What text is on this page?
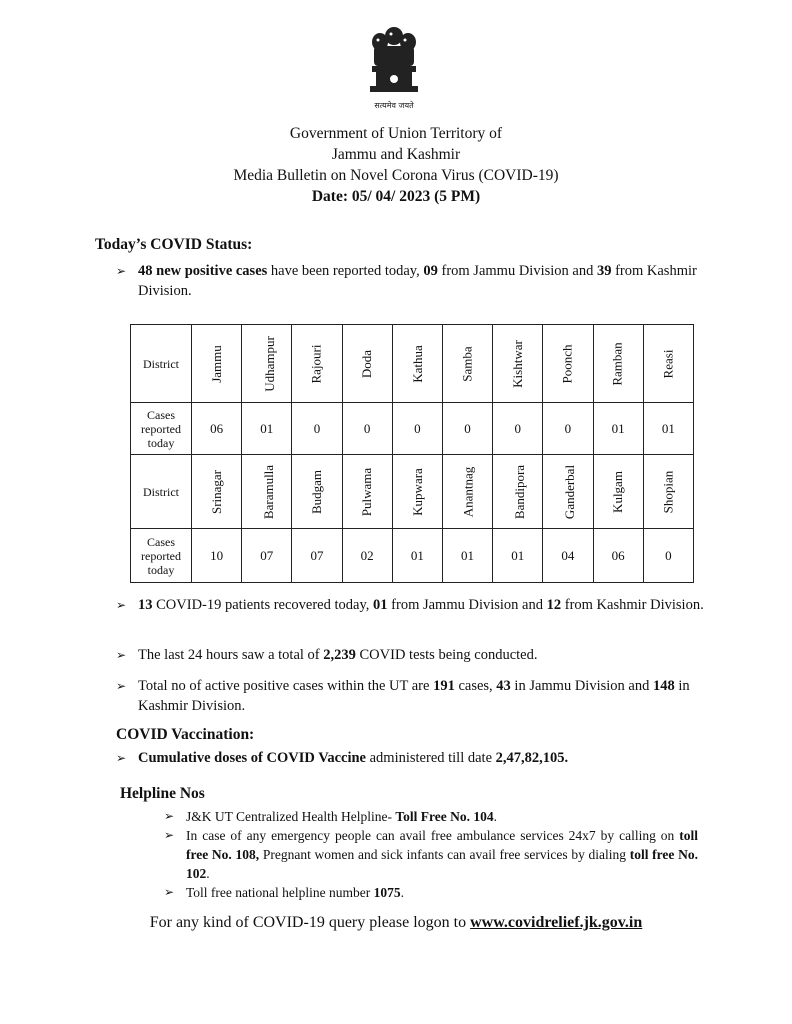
सत्यमेव जयते
Government of Union Territory of
Jammu and Kashmir
Media Bulletin on Novel Corona Virus (COVID-19)
Date: 05/ 04/ 2023 (5 PM)
Today’s COVID Status:
➢ 48 new positive cases have been reported today, 09 from Jammu Division and 39 from Kashmir Division.
District	Jammu	Udhampur	Rajouri	Doda	Kathua	Samba	Kishtwar	Poonch	Ramban	Reasi
Cases reported today	06	01	0	0	0	0	0	0	01	01
District	Srinagar	Baramulla	Budgam	Pulwama	Kupwara	Anantnag	Bandipora	Ganderbal	Kulgam	Shopian
Cases reported today	10	07	07	02	01	01	01	04	06	0
➢ 13 COVID-19 patients recovered today, 01 from Jammu Division and 12 from Kashmir Division.
➢ The last 24 hours saw a total of 2,239 COVID tests being conducted.
➢ Total no of active positive cases within the UT are 191 cases, 43 in Jammu Division and 148 in Kashmir Division.
COVID Vaccination:
➢ Cumulative doses of COVID Vaccine administered till date 2,47,82,105.
Helpline Nos
➢ J&K UT Centralized Health Helpline- Toll Free No. 104.
➢ In case of any emergency people can avail free ambulance services 24x7 by calling on toll free No. 108, Pregnant women and sick infants can avail free services by dialing toll free No. 102.
➢ Toll free national helpline number 1075.
For any kind of COVID-19 query please logon to www.covidrelief.jk.gov.in
